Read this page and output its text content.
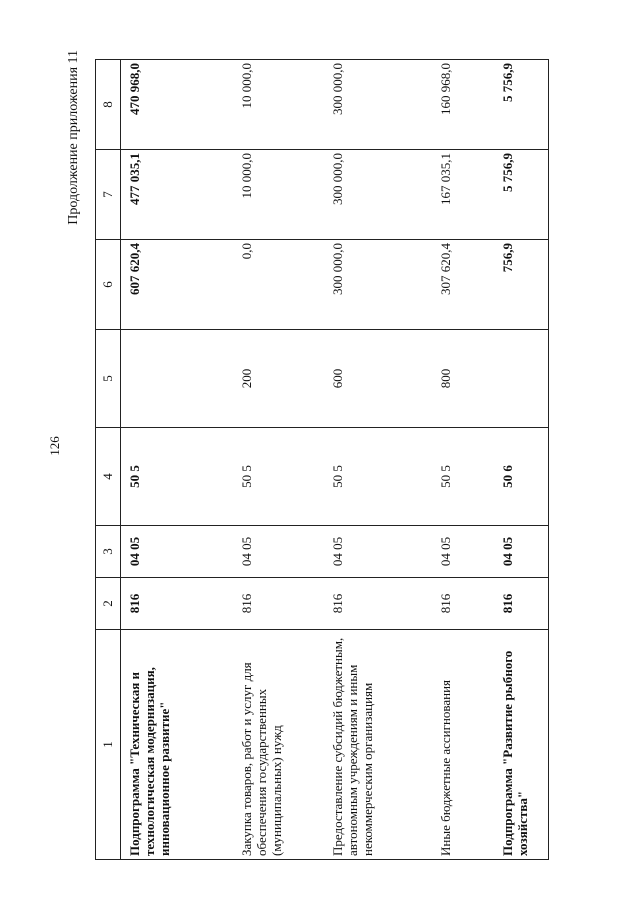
126
Продолжение приложения 11
1	2	3	4	5	6	7	8
Подпрограмма "Техническая и технологическая модернизация, инновационное развитие"	816	04 05	50 5		607 620,4	477 035,1	470 968,0
Закупка товаров, работ и услуг для обеспечения государственных (муниципальных) нужд	816	04 05	50 5	200	0,0	10 000,0	10 000,0
Предоставление субсидий бюджетным, автономным учреждениям и иным некоммерческим организациям	816	04 05	50 5	600	300 000,0	300 000,0	300 000,0
Иные бюджетные ассигнования	816	04 05	50 5	800	307 620,4	167 035,1	160 968,0
Подпрограмма "Развитие рыбного хозяйства"	816	04 05	50 6		756,9	5 756,9	5 756,9
